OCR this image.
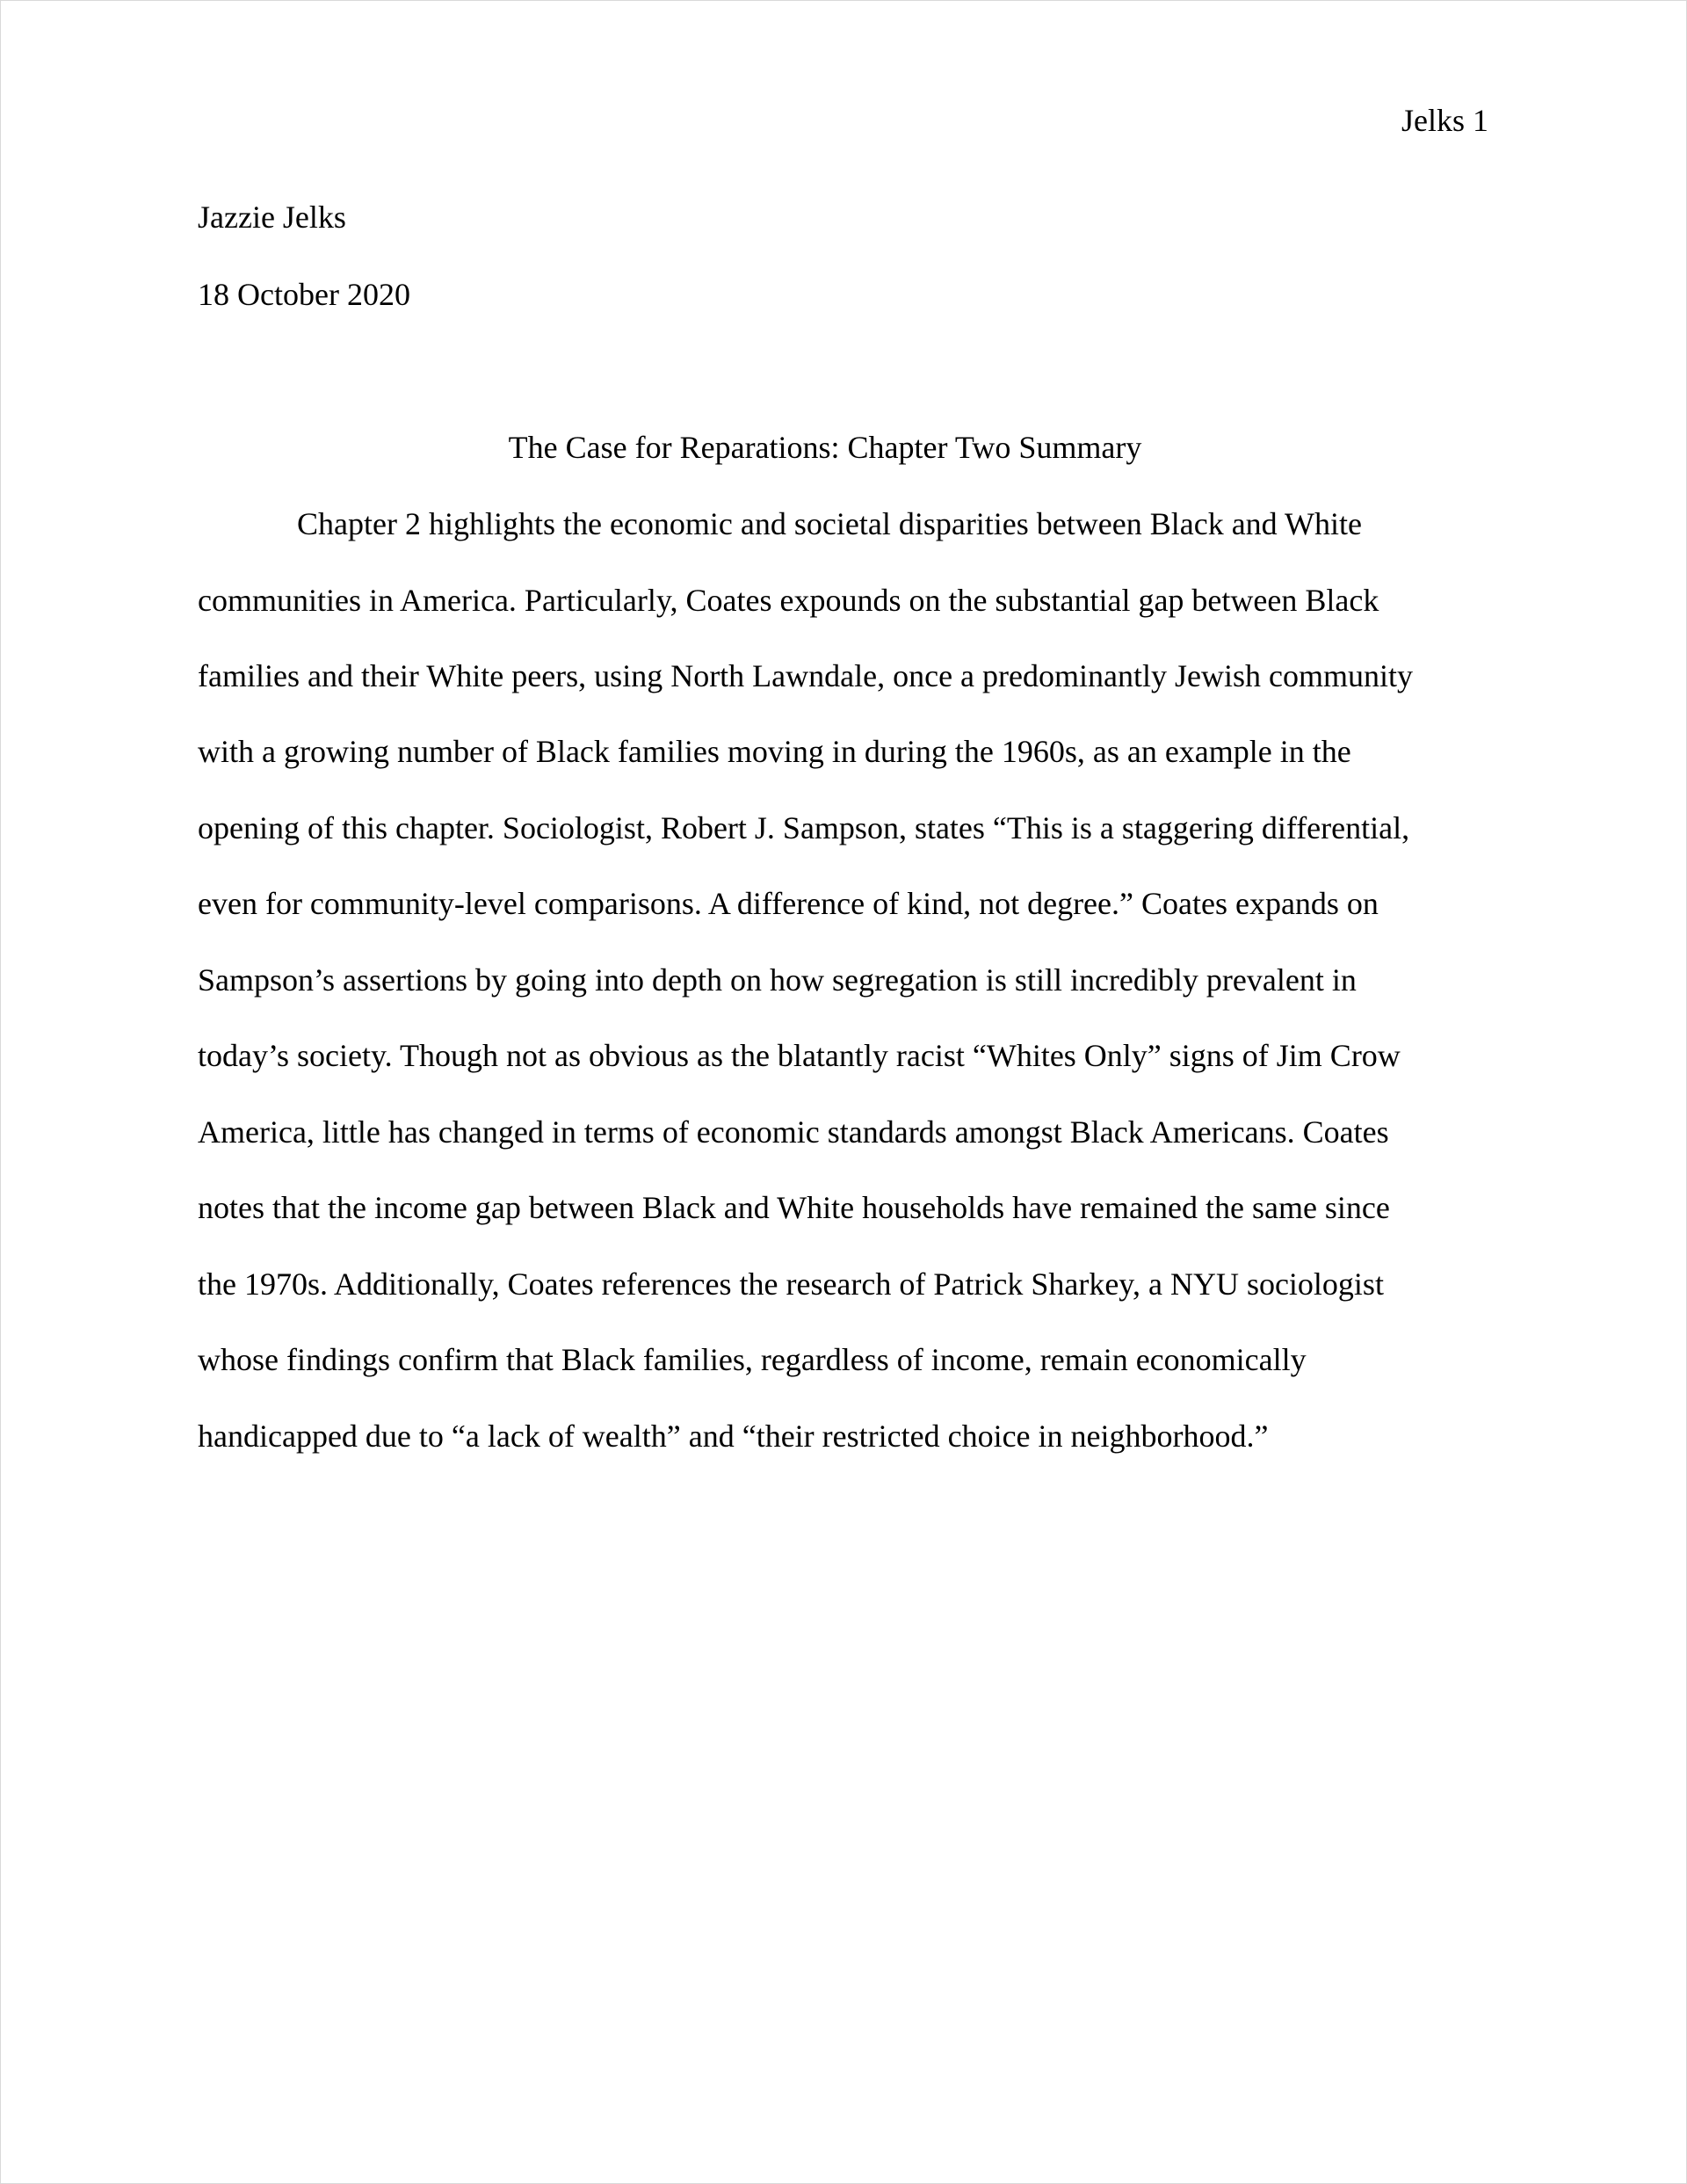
Jelks 1
Jazzie Jelks
18 October 2020
The Case for Reparations: Chapter Two Summary
Chapter 2 highlights the economic and societal disparities between Black and White
communities in America. Particularly, Coates expounds on the substantial gap between Black
families and their White peers, using North Lawndale, once a predominantly Jewish community
with a growing number of Black families moving in during the 1960s, as an example in the
opening of this chapter. Sociologist, Robert J. Sampson, states “This is a staggering differential,
even for community-level comparisons. A difference of kind, not degree.” Coates expands on
Sampson’s assertions by going into depth on how segregation is still incredibly prevalent in
today’s society. Though not as obvious as the blatantly racist “Whites Only” signs of Jim Crow
America, little has changed in terms of economic standards amongst Black Americans. Coates
notes that the income gap between Black and White households have remained the same since
the 1970s. Additionally, Coates references the research of Patrick Sharkey, a NYU sociologist
whose findings confirm that Black families, regardless of income, remain economically
handicapped due to “a lack of wealth” and “their restricted choice in neighborhood.”
